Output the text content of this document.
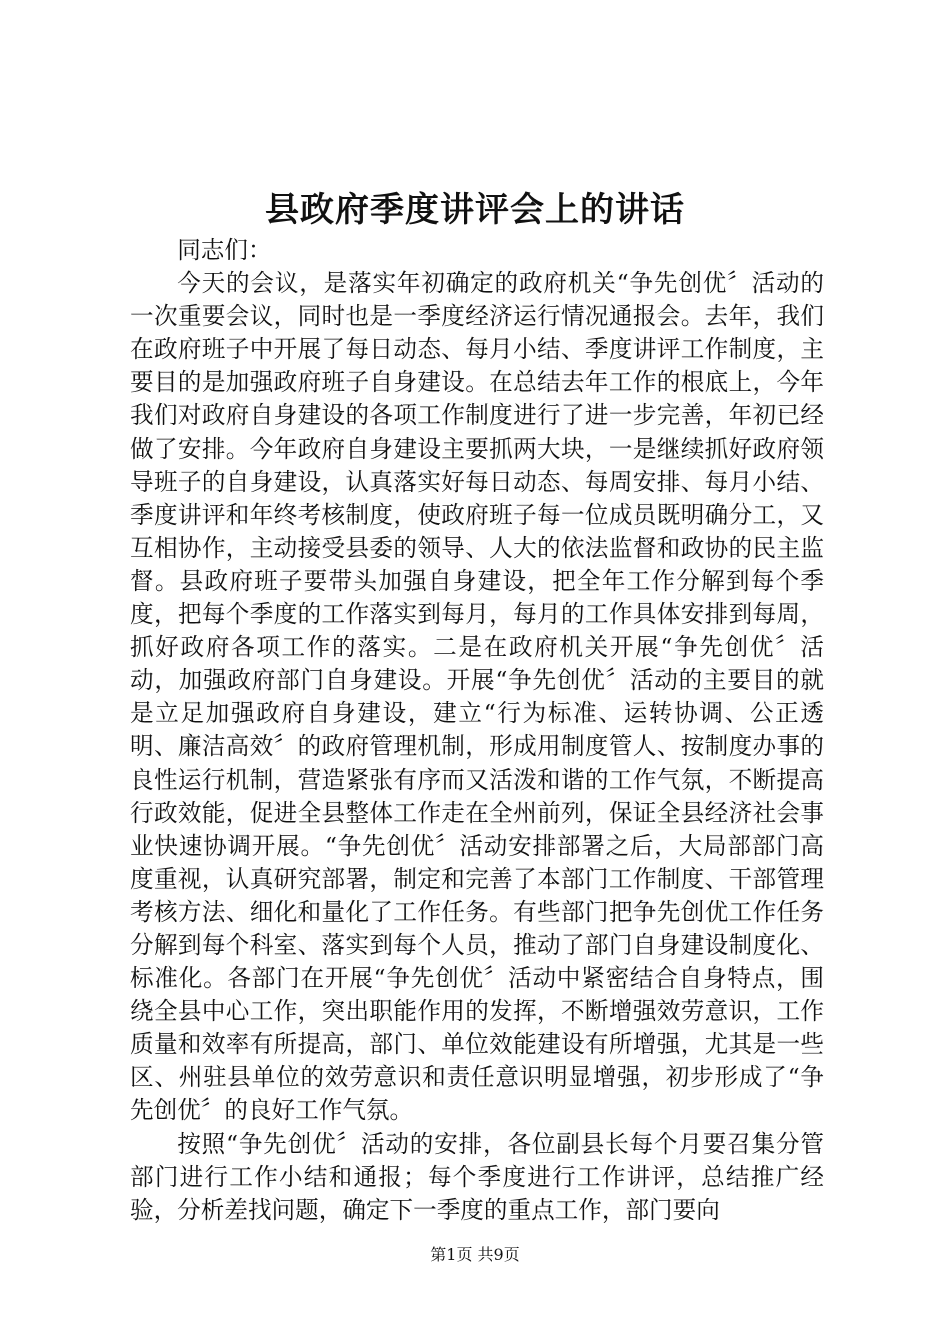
县政府季度讲评会上的讲话

同志们：

今天的会议，是落实年初确定的政府机关“争先创优〞活动的一次重要会议，同时也是一季度经济运行情况通报会。去年，我们在政府班子中开展了每日动态、每月小结、季度讲评工作制度，主要目的是加强政府班子自身建设。在总结去年工作的根底上，今年我们对政府自身建设的各项工作制度进行了进一步完善，年初已经做了安排。今年政府自身建设主要抓两大块，一是继续抓好政府领导班子的自身建设，认真落实好每日动态、每周安排、每月小结、季度讲评和年终考核制度，使政府班子每一位成员既明确分工，又互相协作，主动接受县委的领导、人大的依法监督和政协的民主监督。县政府班子要带头加强自身建设，把全年工作分解到每个季度，把每个季度的工作落实到每月，每月的工作具体安排到每周，抓好政府各项工作的落实。二是在政府机关开展“争先创优〞活动，加强政府部门自身建设。开展“争先创优〞活动的主要目的就是立足加强政府自身建设，建立“行为标准、运转协调、公正透明、廉洁高效〞的政府管理机制，形成用制度管人、按制度办事的良性运行机制，营造紧张有序而又活泼和谐的工作气氛，不断提高行政效能，促进全县整体工作走在全州前列，保证全县经济社会事业快速协调开展。“争先创优〞活动安排部署之后，大局部部门高度重视，认真研究部署，制定和完善了本部门工作制度、干部管理考核方法、细化和量化了工作任务。有些部门把争先创优工作任务分解到每个科室、落实到每个人员，推动了部门自身建设制度化、标准化。各部门在开展“争先创优〞活动中紧密结合自身特点，围绕全县中心工作，突出职能作用的发挥，不断增强效劳意识，工作质量和效率有所提高，部门、单位效能建设有所增强，尤其是一些区、州驻县单位的效劳意识和责任意识明显增强，初步形成了“争先创优〞的良好工作气氛。

按照“争先创优〞活动的安排，各位副县长每个月要召集分管部门进行工作小结和通报；每个季度进行工作讲评，总结推广经验，分析差找问题，确定下一季度的重点工作，部门要向

第1页 共9页
